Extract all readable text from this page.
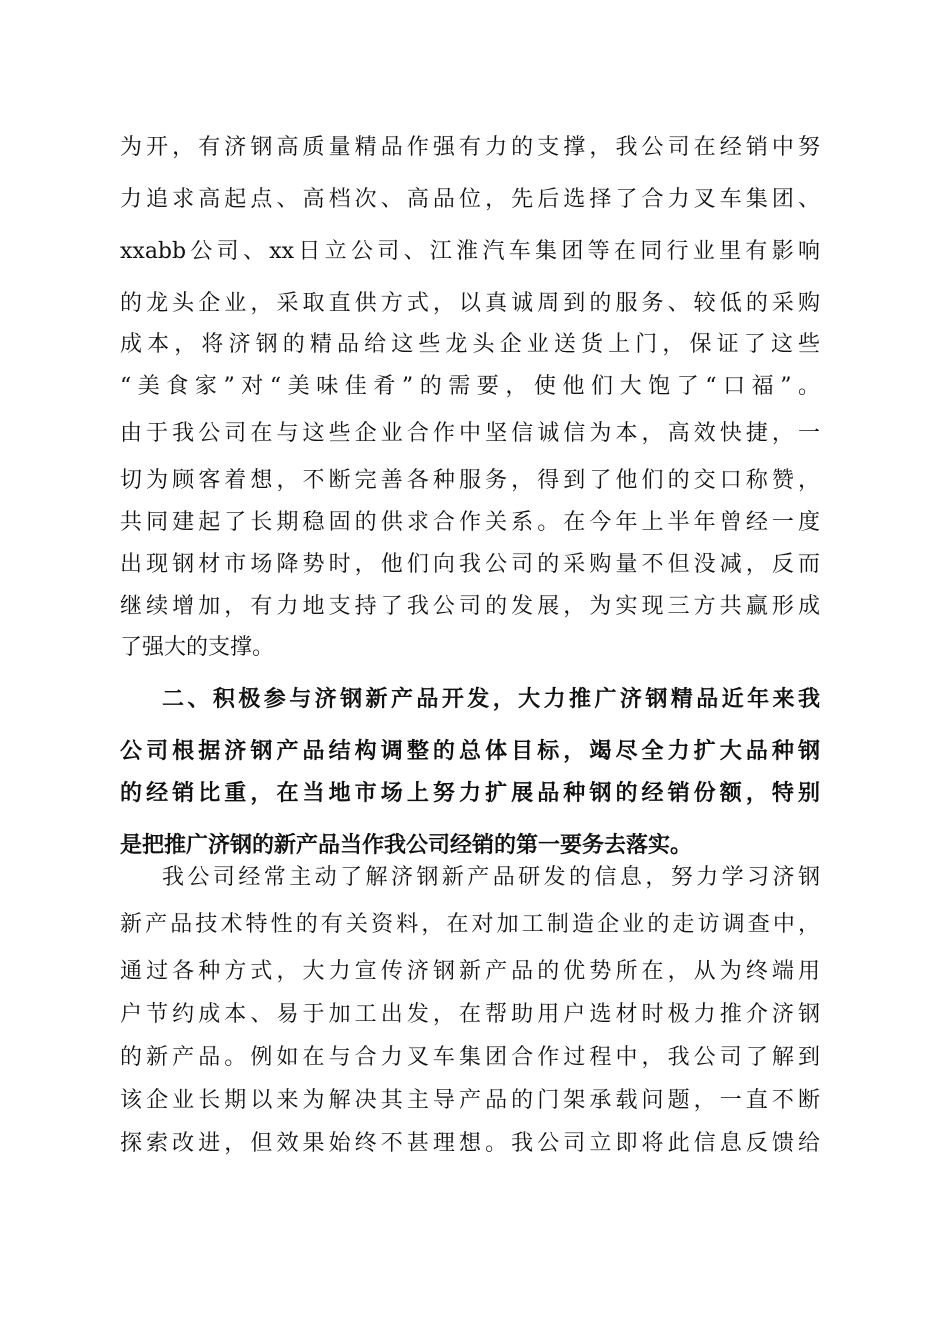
为开，有济钢高质量精品作强有力的支撑，我公司在经销中努
力追求高起点、高档次、高品位，先后选择了合力叉车集团、
xxabb公司、xx日立公司、江淮汽车集团等在同行业里有影响
的龙头企业，采取直供方式，以真诚周到的服务、较低的采购
成本，将济钢的精品给这些龙头企业送货上门，保证了这些
“美食家”对“美味佳肴”的需要，使他们大饱了“口福”。
由于我公司在与这些企业合作中坚信诚信为本，高效快捷，一
切为顾客着想，不断完善各种服务，得到了他们的交口称赞，
共同建起了长期稳固的供求合作关系。在今年上半年曾经一度
出现钢材市场降势时，他们向我公司的采购量不但没减，反而
继续增加，有力地支持了我公司的发展，为实现三方共赢形成
了强大的支撑。
二、积极参与济钢新产品开发，大力推广济钢精品近年来我
公司根据济钢产品结构调整的总体目标，竭尽全力扩大品种钢
的经销比重，在当地市场上努力扩展品种钢的经销份额，特别
是把推广济钢的新产品当作我公司经销的第一要务去落实。
我公司经常主动了解济钢新产品研发的信息，努力学习济钢
新产品技术特性的有关资料，在对加工制造企业的走访调查中，
通过各种方式，大力宣传济钢新产品的优势所在，从为终端用
户节约成本、易于加工出发，在帮助用户选材时极力推介济钢
的新产品。例如在与合力叉车集团合作过程中，我公司了解到
该企业长期以来为解决其主导产品的门架承载问题，一直不断
探索改进，但效果始终不甚理想。我公司立即将此信息反馈给
